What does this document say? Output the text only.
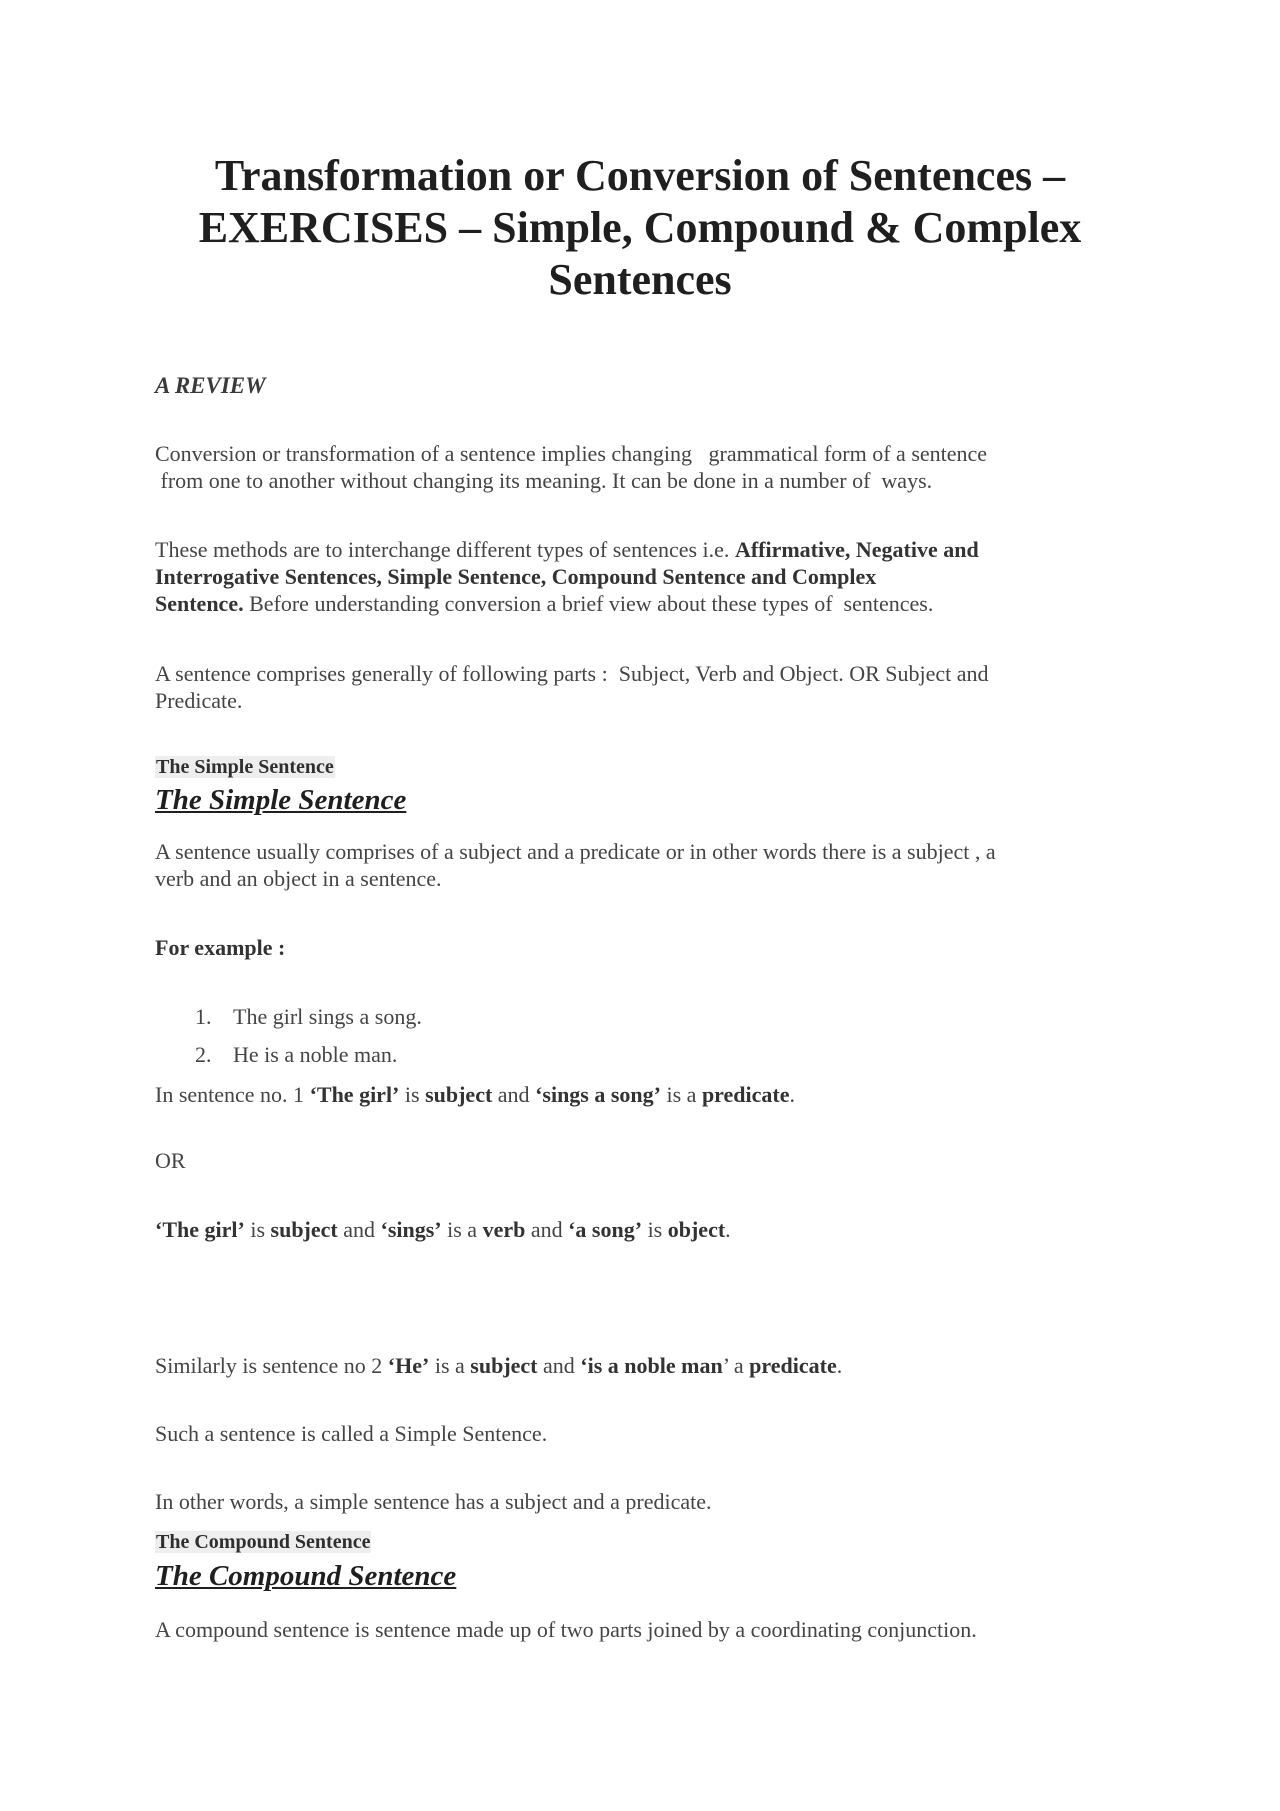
Transformation or Conversion of Sentences –
EXERCISES – Simple, Compound & Complex
Sentences

A REVIEW

Conversion or transformation of a sentence implies changing   grammatical form of a sentence
from one to another without changing its meaning. It can be done in a number of  ways.

These methods are to interchange different types of sentences i.e. Affirmative, Negative and
Interrogative Sentences, Simple Sentence, Compound Sentence and Complex
Sentence. Before understanding conversion a brief view about these types of  sentences.

A sentence comprises generally of following parts :  Subject, Verb and Object. OR Subject and
Predicate.

The Simple Sentence
The Simple Sentence

A sentence usually comprises of a subject and a predicate or in other words there is a subject , a
verb and an object in a sentence.

For example :

1. The girl sings a song.
2. He is a noble man.

In sentence no. 1 ‘The girl’ is subject and ‘sings a song’ is a predicate.

OR

‘The girl’ is subject and ‘sings’ is a verb and ‘a song’ is object.

Similarly is sentence no 2 ‘He’ is a subject and ‘is a noble man’ a predicate.

Such a sentence is called a Simple Sentence.

In other words, a simple sentence has a subject and a predicate.

The Compound Sentence
The Compound Sentence

A compound sentence is sentence made up of two parts joined by a coordinating conjunction.
